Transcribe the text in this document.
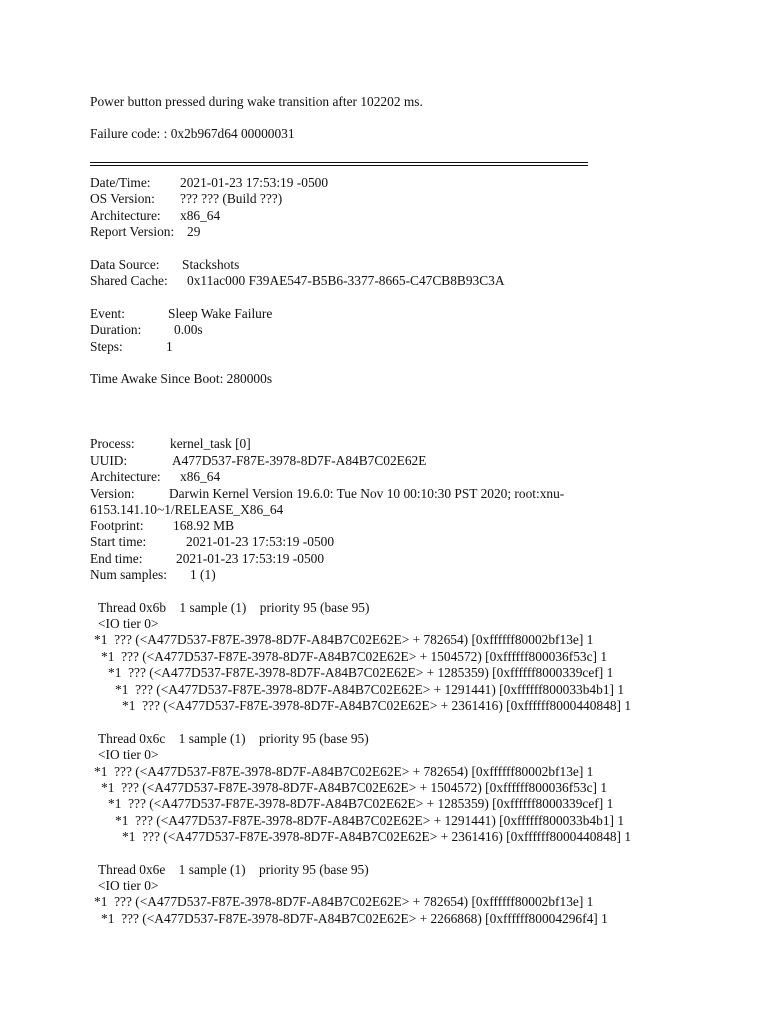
Power button pressed during wake transition after 102202 ms.
Failure code: : 0x2b967d64 00000031
Date/Time: 2021-01-23 17:53:19 -0500
OS Version: ??? ??? (Build ???)
Architecture: x86_64
Report Version: 29
Data Source: Stackshots
Shared Cache: 0x11ac000 F39AE547-B5B6-3377-8665-C47CB8B93C3A
Event:	Sleep Wake Failure
Duration: 0.00s
Steps:	1
Time Awake Since Boot: 280000s
Process:	kernel_task [0]
UUID:	A477D537-F87E-3978-8D7F-A84B7C02E62E
Architecture: x86_64
Version:	Darwin Kernel Version 19.6.0: Tue Nov 10 00:10:30 PST 2020; root:xnu-
6153.141.10~1/RELEASE_X86_64
Footprint: 168.92 MB
Start time:	2021-01-23 17:53:19 -0500
End time:	2021-01-23 17:53:19 -0500
Num samples: 1 (1)
Thread 0x6b    1 sample (1)    priority 95 (base 95)
<IO tier 0>
*1  ??? (<A477D537-F87E-3978-8D7F-A84B7C02E62E> + 782654) [0xffffff80002bf13e] 1
*1  ??? (<A477D537-F87E-3978-8D7F-A84B7C02E62E> + 1504572) [0xffffff800036f53c] 1
*1  ??? (<A477D537-F87E-3978-8D7F-A84B7C02E62E> + 1285359) [0xffffff8000339cef] 1
*1  ??? (<A477D537-F87E-3978-8D7F-A84B7C02E62E> + 1291441) [0xffffff800033b4b1] 1
*1  ??? (<A477D537-F87E-3978-8D7F-A84B7C02E62E> + 2361416) [0xffffff8000440848] 1
Thread 0x6c    1 sample (1)    priority 95 (base 95)
<IO tier 0>
*1  ??? (<A477D537-F87E-3978-8D7F-A84B7C02E62E> + 782654) [0xffffff80002bf13e] 1
*1  ??? (<A477D537-F87E-3978-8D7F-A84B7C02E62E> + 1504572) [0xffffff800036f53c] 1
*1  ??? (<A477D537-F87E-3978-8D7F-A84B7C02E62E> + 1285359) [0xffffff8000339cef] 1
*1  ??? (<A477D537-F87E-3978-8D7F-A84B7C02E62E> + 1291441) [0xffffff800033b4b1] 1
*1  ??? (<A477D537-F87E-3978-8D7F-A84B7C02E62E> + 2361416) [0xffffff8000440848] 1
Thread 0x6e    1 sample (1)    priority 95 (base 95)
<IO tier 0>
*1  ??? (<A477D537-F87E-3978-8D7F-A84B7C02E62E> + 782654) [0xffffff80002bf13e] 1
*1  ??? (<A477D537-F87E-3978-8D7F-A84B7C02E62E> + 2266868) [0xffffff80004296f4] 1
